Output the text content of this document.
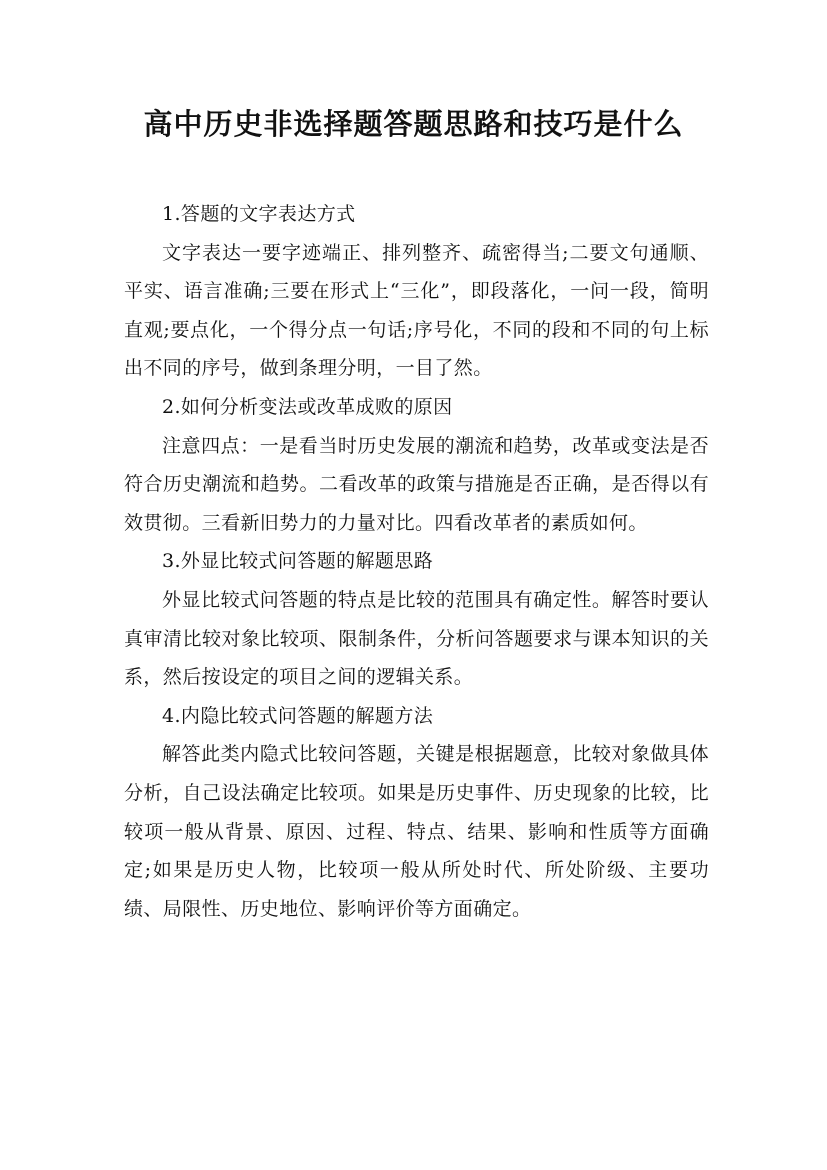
高中历史非选择题答题思路和技巧是什么

1.答题的文字表达方式

文字表达一要字迹端正、排列整齐、疏密得当;二要文句通顺、平实、语言准确;三要在形式上“三化”，即段落化，一问一段，简明直观;要点化，一个得分点一句话;序号化，不同的段和不同的句上标出不同的序号，做到条理分明，一目了然。

2.如何分析变法或改革成败的原因

注意四点：一是看当时历史发展的潮流和趋势，改革或变法是否符合历史潮流和趋势。二看改革的政策与措施是否正确，是否得以有效贯彻。三看新旧势力的力量对比。四看改革者的素质如何。

3.外显比较式问答题的解题思路

外显比较式问答题的特点是比较的范围具有确定性。解答时要认真审清比较对象比较项、限制条件，分析问答题要求与课本知识的关系，然后按设定的项目之间的逻辑关系。

4.内隐比较式问答题的解题方法

解答此类内隐式比较问答题，关键是根据题意，比较对象做具体分析，自己设法确定比较项。如果是历史事件、历史现象的比较，比较项一般从背景、原因、过程、特点、结果、影响和性质等方面确定;如果是历史人物，比较项一般从所处时代、所处阶级、主要功绩、局限性、历史地位、影响评价等方面确定。
